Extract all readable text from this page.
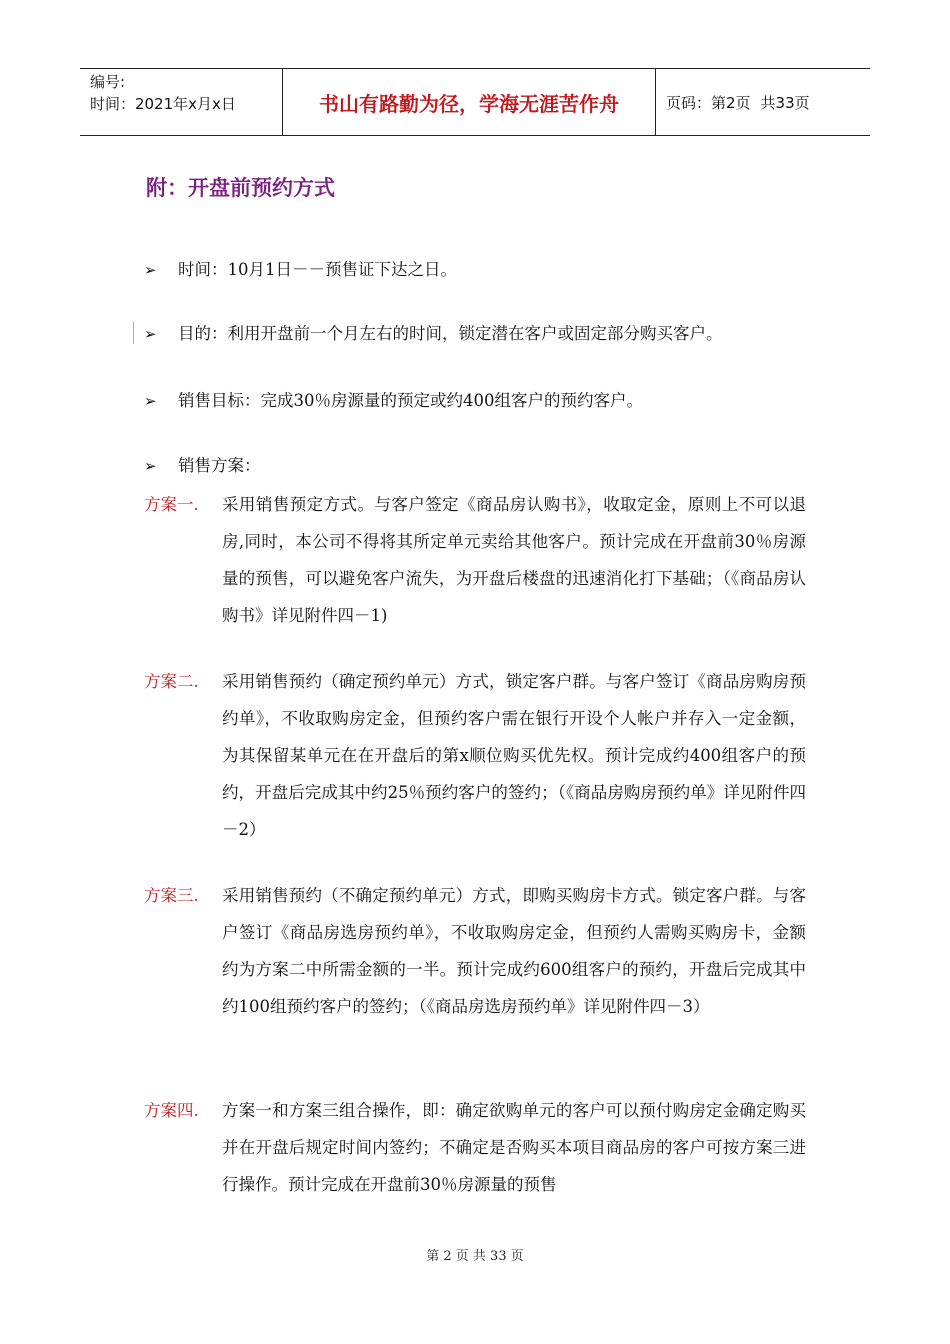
编号:
时间：2021年x月x日	书山有路勤为径，学海无涯苦作舟	页码：第2页 共33页
附：开盘前预约方式
➢ 时间：10月1日－－预售证下达之日。
➢ 目的：利用开盘前一个月左右的时间，锁定潜在客户或固定部分购买客户。
➢ 销售目标：完成30％房源量的预定或约400组客户的预约客户。
➢ 销售方案：
方案一. 采用销售预定方式。与客户签定《商品房认购书》，收取定金，原则上不可以退房,同时，本公司不得将其所定单元卖给其他客户。预计完成在开盘前30％房源量的预售，可以避免客户流失，为开盘后楼盘的迅速消化打下基础；（《商品房认购书》详见附件四－1)
方案二. 采用销售预约（确定预约单元）方式，锁定客户群。与客户签订《商品房购房预约单》，不收取购房定金，但预约客户需在银行开设个人帐户并存入一定金额，为其保留某单元在在开盘后的第x顺位购买优先权。预计完成约400组客户的预约，开盘后完成其中约25％预约客户的签约；（《商品房购房预约单》详见附件四－2）
方案三. 采用销售预约（不确定预约单元）方式，即购买购房卡方式。锁定客户群。与客户签订《商品房选房预约单》，不收取购房定金，但预约人需购买购房卡，金额约为方案二中所需金额的一半。预计完成约600组客户的预约，开盘后完成其中约100组预约客户的签约；（《商品房选房预约单》详见附件四－3）
方案四. 方案一和方案三组合操作，即：确定欲购单元的客户可以预付购房定金确定购买并在开盘后规定时间内签约；不确定是否购买本项目商品房的客户可按方案三进行操作。预计完成在开盘前30％房源量的预售
第 2 页 共 33 页
